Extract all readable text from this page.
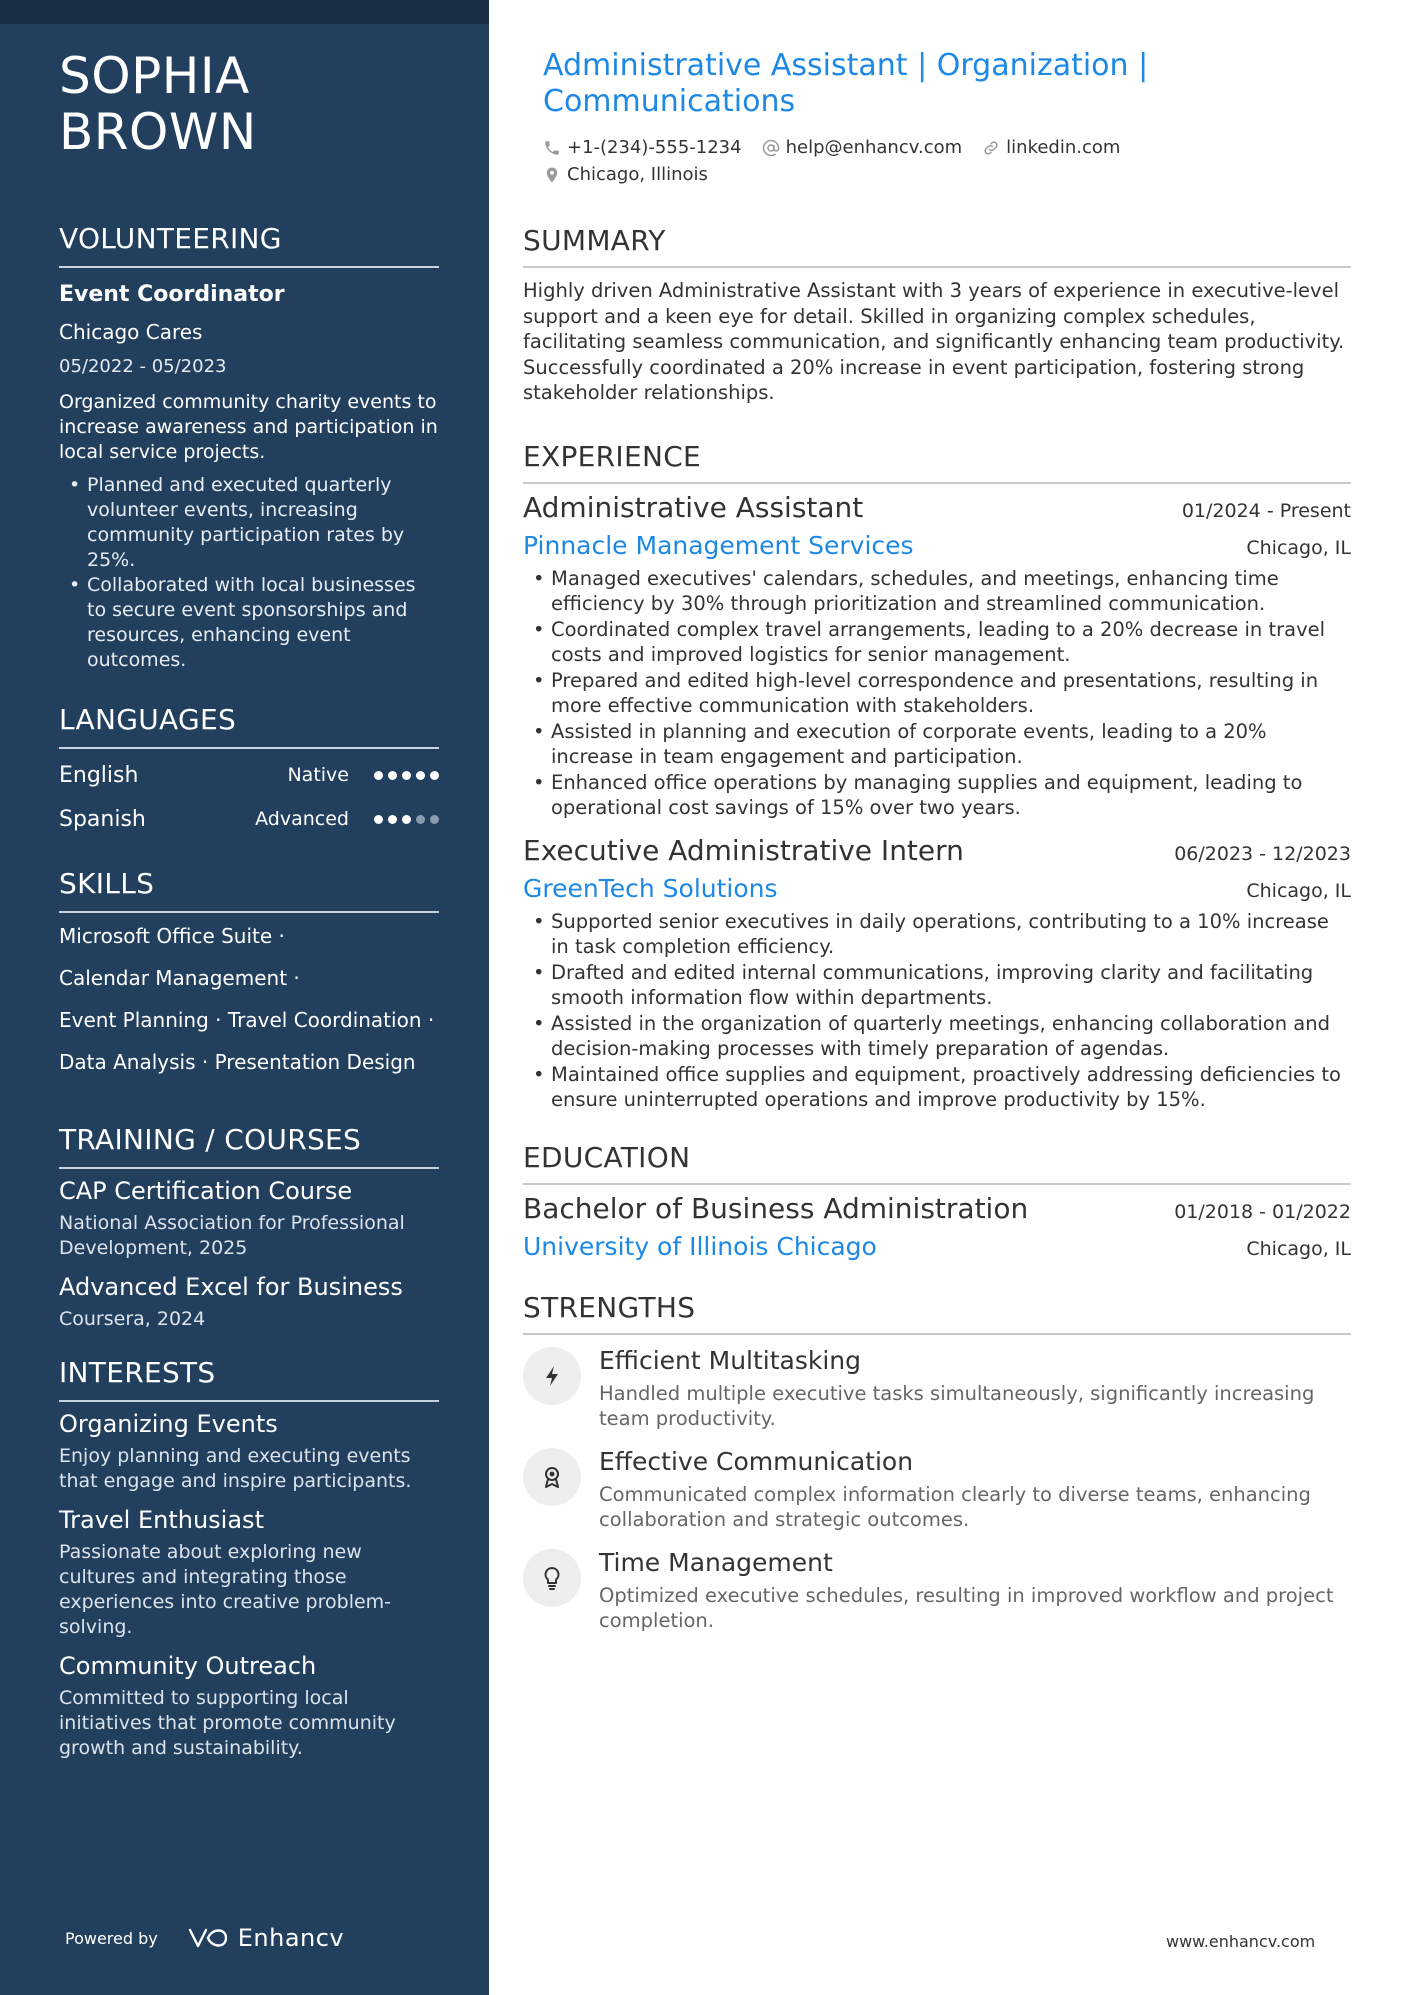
SOPHIA
BROWN
VOLUNTEERING
Event Coordinator
Chicago Cares
05/2022 - 05/2023
Organized community charity events to increase awareness and participation in local service projects.
• Planned and executed quarterly volunteer events, increasing community participation rates by 25%.
• Collaborated with local businesses to secure event sponsorships and resources, enhancing event outcomes.
LANGUAGES
English	Native
Spanish	Advanced
SKILLS
Microsoft Office Suite ·
Calendar Management ·
Event Planning · Travel Coordination ·
Data Analysis · Presentation Design
TRAINING / COURSES
CAP Certification Course
National Association for Professional Development, 2025
Advanced Excel for Business
Coursera, 2024
INTERESTS
Organizing Events
Enjoy planning and executing events that engage and inspire participants.
Travel Enthusiast
Passionate about exploring new cultures and integrating those experiences into creative problem-solving.
Community Outreach
Committed to supporting local initiatives that promote community growth and sustainability.
Powered by	Enhancv
Administrative Assistant | Organization | Communications
+1-(234)-555-1234 help@enhancv.com linkedin.com
Chicago, Illinois
SUMMARY
Highly driven Administrative Assistant with 3 years of experience in executive-level support and a keen eye for detail. Skilled in organizing complex schedules, facilitating seamless communication, and significantly enhancing team productivity. Successfully coordinated a 20% increase in event participation, fostering strong stakeholder relationships.
EXPERIENCE
Administrative Assistant	01/2024 - Present
Pinnacle Management Services	Chicago, IL
• Managed executives' calendars, schedules, and meetings, enhancing time efficiency by 30% through prioritization and streamlined communication.
• Coordinated complex travel arrangements, leading to a 20% decrease in travel costs and improved logistics for senior management.
• Prepared and edited high-level correspondence and presentations, resulting in more effective communication with stakeholders.
• Assisted in planning and execution of corporate events, leading to a 20% increase in team engagement and participation.
• Enhanced office operations by managing supplies and equipment, leading to operational cost savings of 15% over two years.
Executive Administrative Intern	06/2023 - 12/2023
GreenTech Solutions	Chicago, IL
• Supported senior executives in daily operations, contributing to a 10% increase in task completion efficiency.
• Drafted and edited internal communications, improving clarity and facilitating smooth information flow within departments.
• Assisted in the organization of quarterly meetings, enhancing collaboration and decision-making processes with timely preparation of agendas.
• Maintained office supplies and equipment, proactively addressing deficiencies to ensure uninterrupted operations and improve productivity by 15%.
EDUCATION
Bachelor of Business Administration	01/2018 - 01/2022
University of Illinois Chicago	Chicago, IL
STRENGTHS
Efficient Multitasking
Handled multiple executive tasks simultaneously, significantly increasing team productivity.
Effective Communication
Communicated complex information clearly to diverse teams, enhancing collaboration and strategic outcomes.
Time Management
Optimized executive schedules, resulting in improved workflow and project completion.
www.enhancv.com
